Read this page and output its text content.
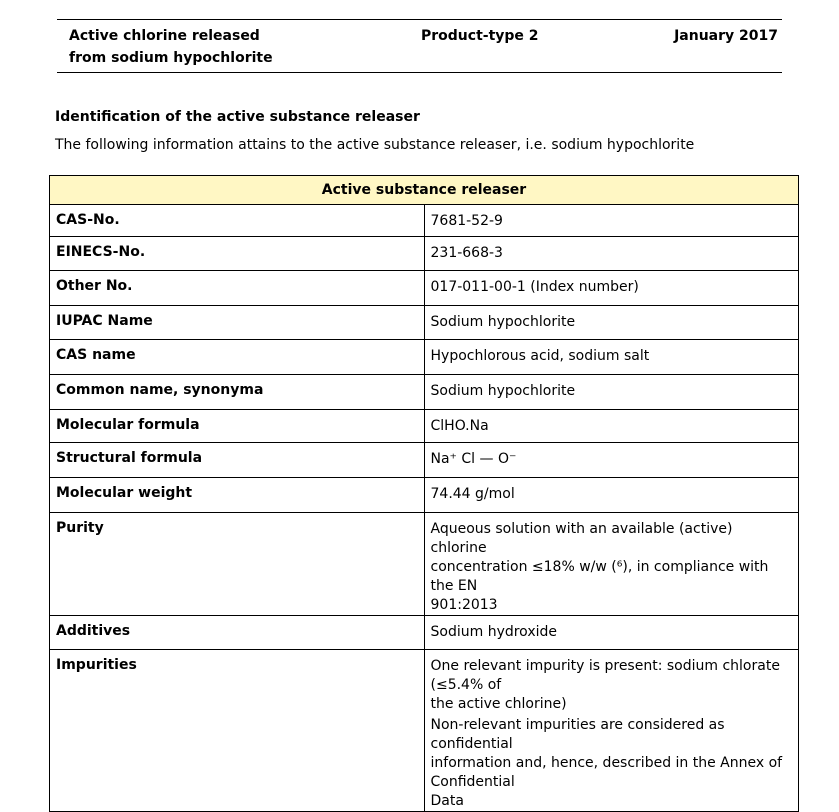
Active chlorine released
from sodium hypochlorite
Product-type 2	January 2017
Identification of the active substance releaser
The following information attains to the active substance releaser, i.e. sodium hypochlorite
Active substance releaser	
CAS-No.	7681-52-9

EINECS-No.	231-668-3

Other No.	017-011-00-1 (Index number)

IUPAC Name	Sodium hypochlorite

CAS name	Hypochlorous acid, sodium salt

Common name, synonyma	Sodium hypochlorite

Molecular formula	ClHO.Na

Structural formula	Na⁺ Cl — O⁻

Molecular weight	74.44 g/mol

Purity	Aqueous solution with an available (active) chlorine
concentration ≤18% w/w (⁶), in compliance with the EN
901:2013

Additives	Sodium hydroxide

Impurities	One relevant impurity is present: sodium chlorate (≤5.4% of
the active chlorine)
Non-relevant impurities are considered as confidential
information and, hence, described in the Annex of Confidential
Data
